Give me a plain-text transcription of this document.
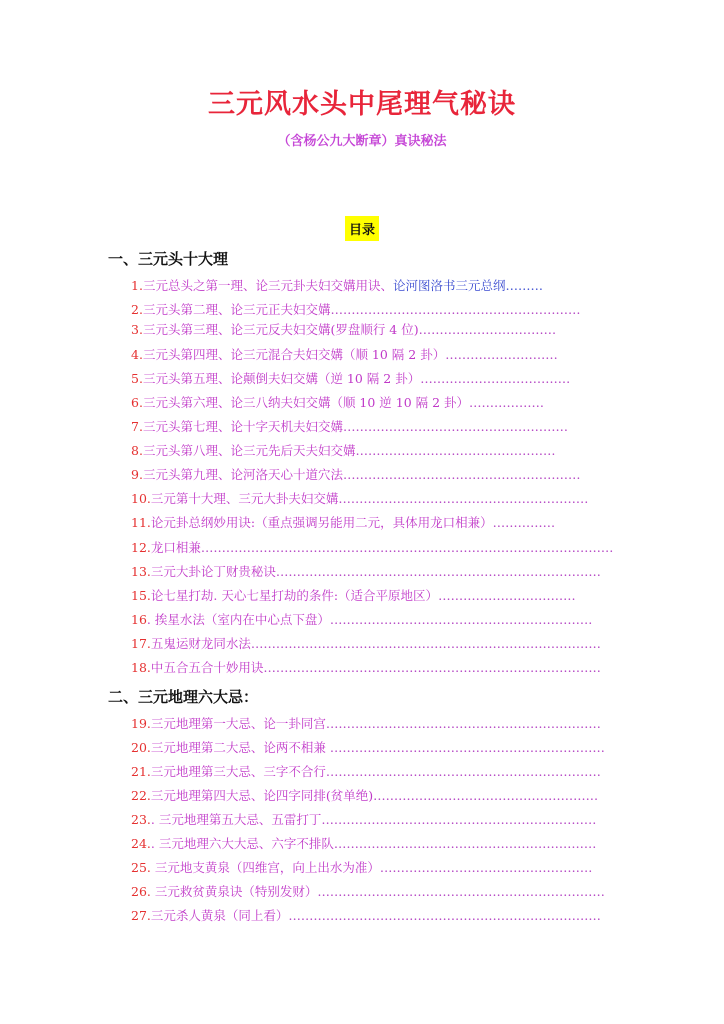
三元风水头中尾理气秘诀
（含杨公九大断章）真诀秘法
目录
一、三元头十大理
1.三元总头之第一理、论三元卦夫妇交媾用诀、论河图洛书三元总纲………
2.三元头第二理、论三元正夫妇交媾……………………………………………………
3.三元头第三理、论三元反夫妇交媾(罗盘顺行 4 位)……………………………
4.三元头第四理、论三元混合夫妇交媾（顺 10 隔 2 卦）………………………
5.三元头第五理、论颠倒夫妇交媾（逆 10 隔 2 卦）………………………………
6.三元头第六理、论三八纳夫妇交媾（顺 10 逆 10 隔 2 卦）………………
7.三元头第七理、论十字天机夫妇交媾………………………………………………
8.三元头第八理、论三元先后天夫妇交媾…………………………………………
9.三元头第九理、论河洛天心十道穴法…………………………………………………
10.三元第十大理、三元大卦夫妇交媾……………………………………………………
11.论元卦总纲妙用诀:（重点强调另能用二元，具体用龙口相兼）……………
12.龙口相兼………………………………………………………………………………………
13.三元大卦论丁财贵秘诀……………………………………………………………………
15.论七星打劫. 天心七星打劫的条件:（适合平原地区）……………………………
16. 挨星水法（室内在中心点下盘）………………………………………………………
17.五鬼运财龙同水法…………………………………………………………………………
18.中五合五合十妙用诀………………………………………………………………………
二、三元地理六大忌：
19.三元地理第一大忌、论一卦同宫…………………………………………………………
20.三元地理第二大忌、论两不相兼 …………………………………………………………
21.三元地理第三大忌、三字不合行…………………………………………………………
22.三元地理第四大忌、论四字同排(贫单绝)………………………………………………
23.. 三元地理第五大忌、五雷打丁…………………………………………………………
24.. 三元地理六大大忌、六字不排队………………………………………………………
25. 三元地支黄泉（四维宫，向上出水为准）……………………………………………
26. 三元救贫黄泉诀（特别发财）……………………………………………………………
27.三元杀人黄泉（同上看）…………………………………………………………………
